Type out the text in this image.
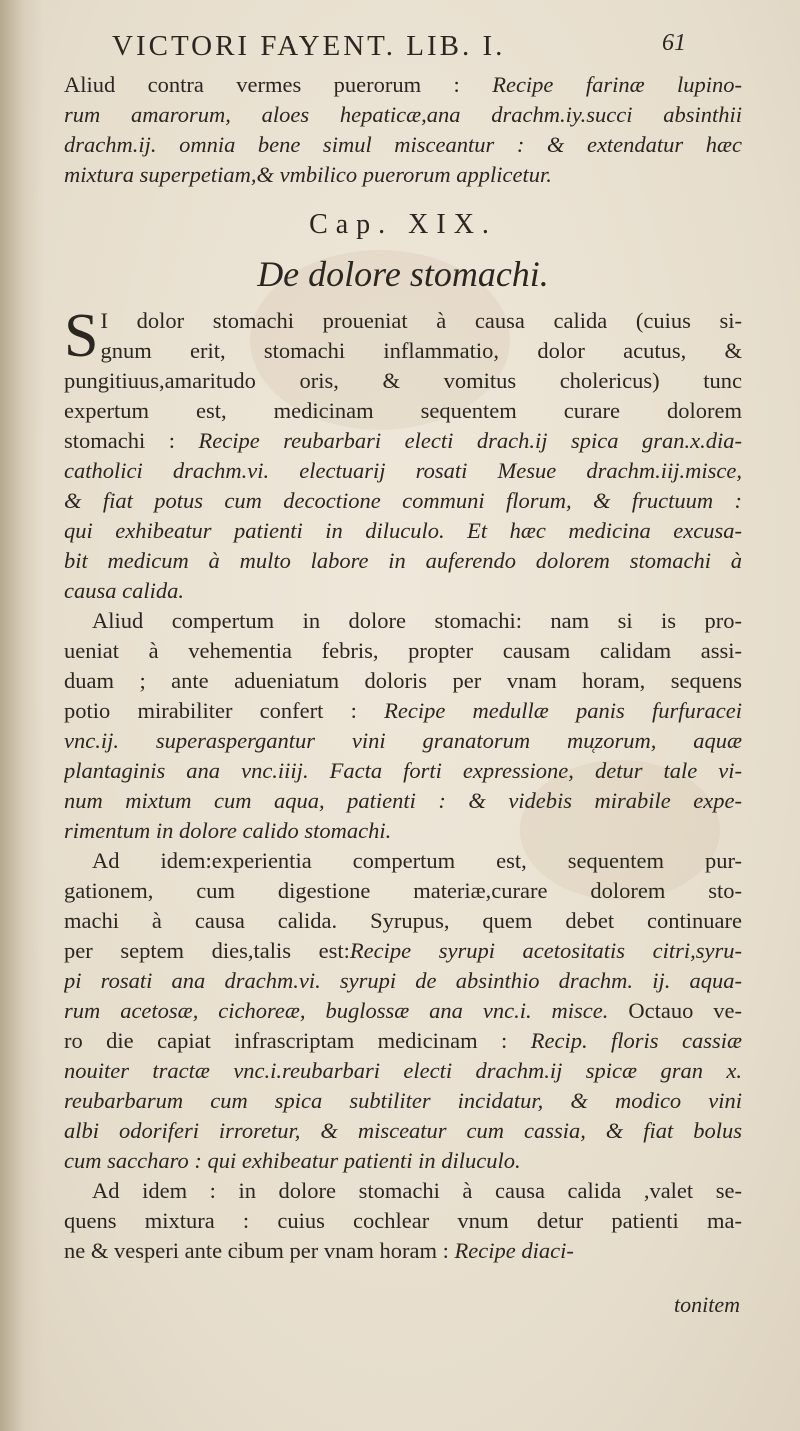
VICTORI FAYENT. LIB. I.	61
Aliud contra vermes puerorum : Recipe farinæ lupino-
rum amarorum, aloes hepaticæ,ana drachm.iy.succi absinthii
drachm.ij. omnia bene simul misceantur : & extendatur hæc
mixtura superpetiam,& vmbilico puerorum applicetur.
Cap. XIX.
De dolore stomachi.
S I dolor stomachi proueniat à causa calida (cuius si-
gnum erit, stomachi inflammatio, dolor acutus, &
pungitiuus,amaritudo oris, & vomitus cholericus) tunc
expertum est, medicinam sequentem curare dolorem
stomachi : Recipe reubarbari electi drach.ij spica gran.x.dia-
catholici drachm.vi. electuarij rosati Mesue drachm.iij.misce,
& fiat potus cum decoctione communi florum, & fructuum :
qui exhibeatur patienti in diluculo. Et hæc medicina excusa-
bit medicum à multo labore in auferendo dolorem stomachi à
causa calida.
Aliud compertum in dolore stomachi: nam si is pro-
ueniat à vehementia febris, propter causam calidam assi-
duam ; ante adueniatum doloris per vnam horam, sequens
potio mirabiliter confert : Recipe medullæ panis furfuracei
vnc.ij. superaspergantur vini granatorum mu̜zorum, aquæ
plantaginis ana vnc.iiij. Facta forti expressione, detur tale vi-
num mixtum cum aqua, patienti : & videbis mirabile expe-
rimentum in dolore calido stomachi.
Ad idem:experientia compertum est, sequentem pur-
gationem, cum digestione materiæ,curare dolorem sto-
machi à causa calida. Syrupus, quem debet continuare
per septem dies,talis est:Recipe syrupi acetositatis citri,syru-
pi rosati ana drachm.vi. syrupi de absinthio drachm. ij. aqua-
rum acetosæ, cichoreæ, buglossæ ana vnc.i. misce. Octauo ve-
ro die capiat infrascriptam medicinam : Recip. floris cassiæ
nouiter tractæ vnc.i.reubarbari electi drachm.ij spicæ gran x.
reubarbarum cum spica subtiliter incidatur, & modico vini
albi odoriferi irroretur, & misceatur cum cassia, & fiat bolus
cum saccharo : qui exhibeatur patienti in diluculo.
Ad idem : in dolore stomachi à causa calida ,valet se-
quens mixtura : cuius cochlear vnum detur patienti ma-
ne & vesperi ante cibum per vnam horam : Recipe diaci-
tonitem
